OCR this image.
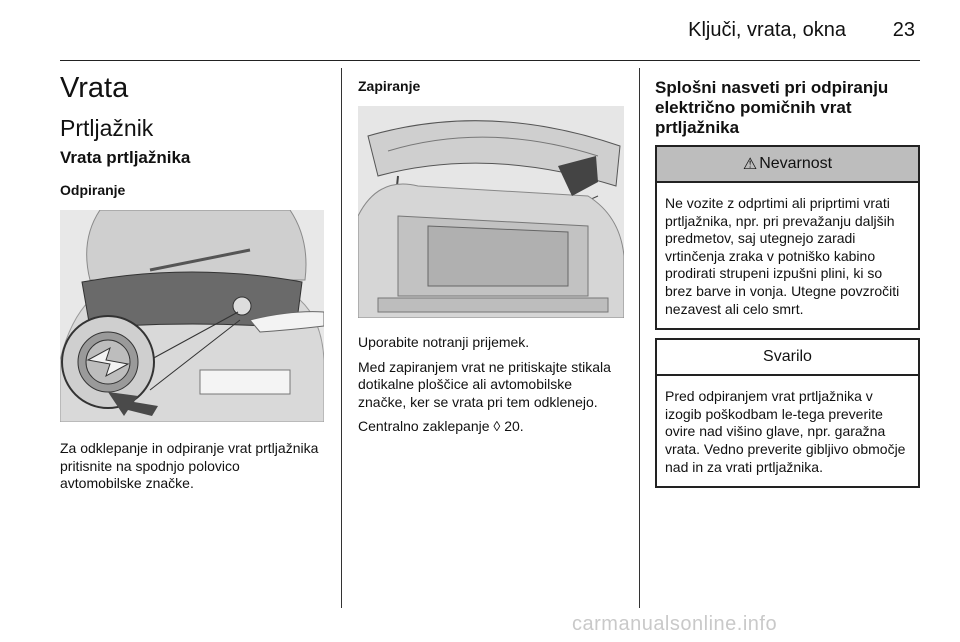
Ključi, vrata, okna 23
Vrata
Prtljažnik
Vrata prtljažnika
Odpiranje

Za odklepanje in odpiranje vrat prtljažnika pritisnite na spodnjo polovico avtomobilske značke.

Zapiranje

Uporabite notranji prijemek.

Med zapiranjem vrat ne pritiskajte stikala dotikalne ploščice ali avtomobilske značke, ker se vrata pri tem odklenejo.

Centralno zaklepanje ◊ 20.

Splošni nasveti pri odpiranju električno pomičnih vrat prtljažnika
⚠ Nevarnost
Ne vozite z odprtimi ali priprtimi vrati prtljažnika, npr. pri prevažanju daljših predmetov, saj utegnejo zaradi vrtinčenja zraka v potniško kabino prodirati strupeni izpušni plini, ki so brez barve in vonja. Utegne povzročiti nezavest ali celo smrt.
Svarilo
Pred odpiranjem vrat prtljažnika v izogib poškodbam le-tega preverite ovire nad višino glave, npr. garažna vrata. Vedno preverite gibljivo območje nad in za vrati prtljažnika.
carmanualsonline.info
